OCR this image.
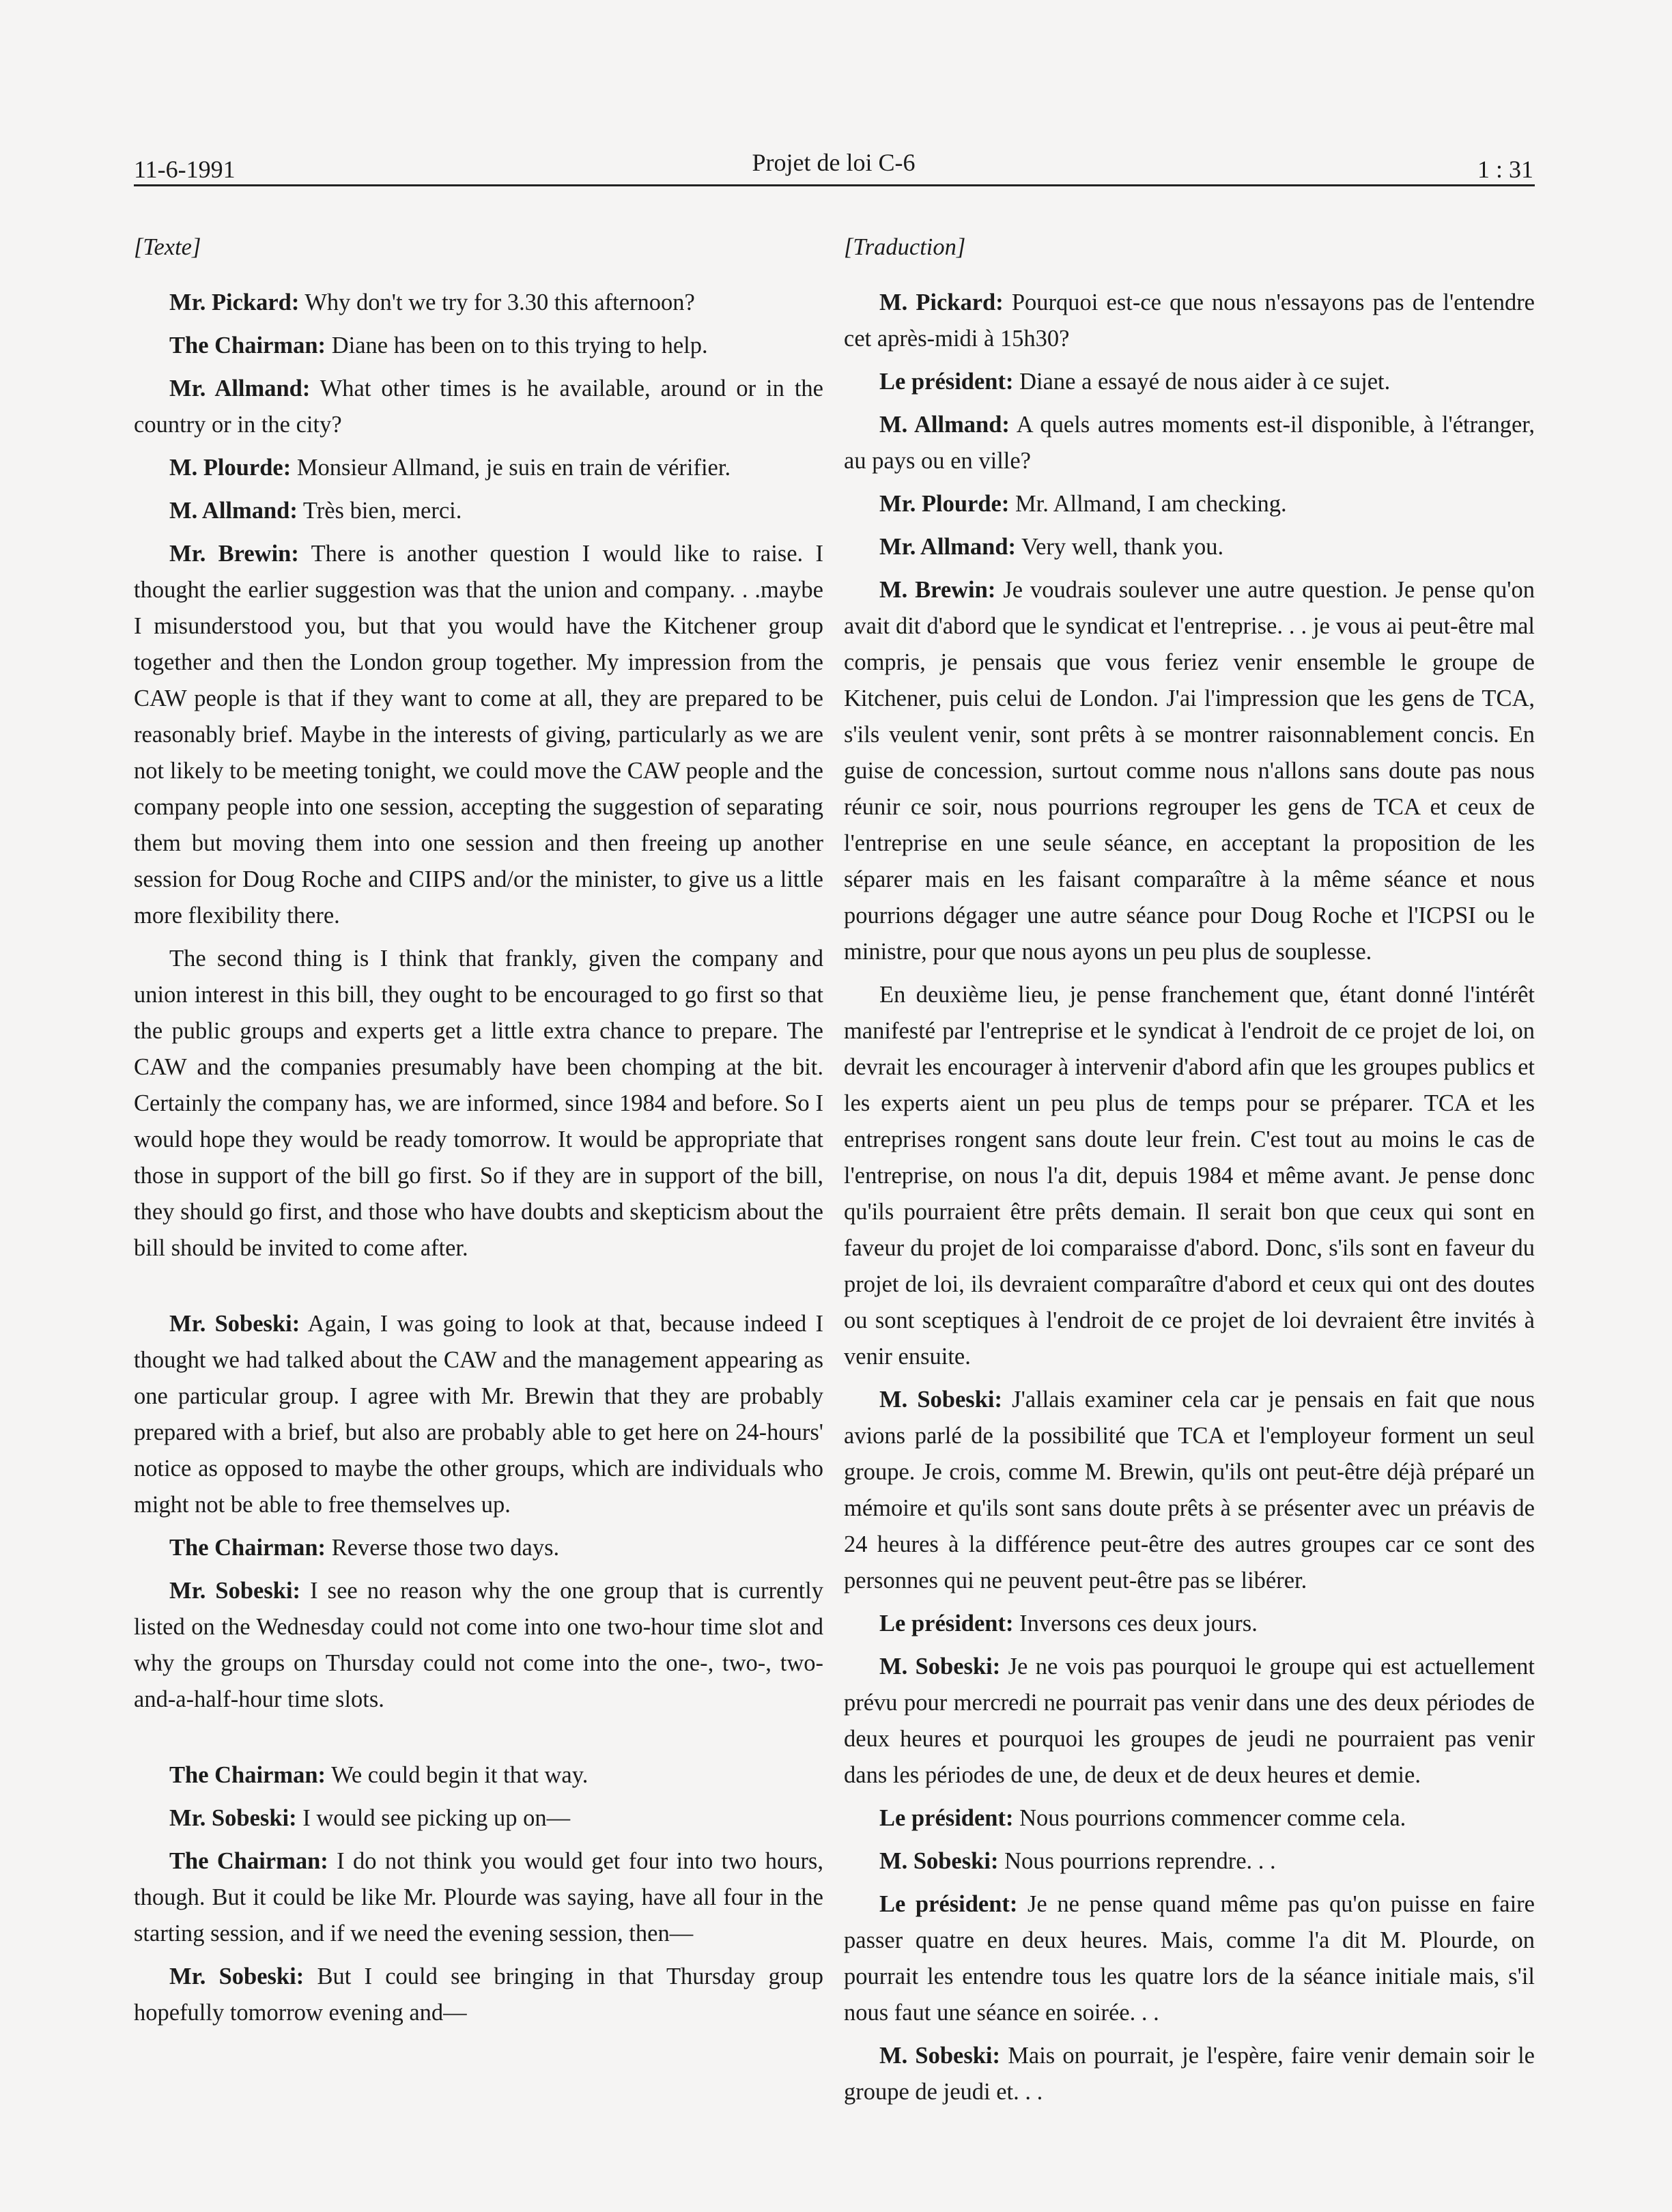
11-6-1991	Projet de loi C-6	1 : 31
[Texte]

Mr. Pickard: Why don't we try for 3.30 this afternoon?

The Chairman: Diane has been on to this trying to help.

Mr. Allmand: What other times is he available, around or in the country or in the city?

M. Plourde: Monsieur Allmand, je suis en train de vérifier.

M. Allmand: Très bien, merci.

Mr. Brewin: There is another question I would like to raise. I thought the earlier suggestion was that the union and company. . .maybe I misunderstood you, but that you would have the Kitchener group together and then the London group together. My impression from the CAW people is that if they want to come at all, they are prepared to be reasonably brief. Maybe in the interests of giving, particularly as we are not likely to be meeting tonight, we could move the CAW people and the company people into one session, accepting the suggestion of separating them but moving them into one session and then freeing up another session for Doug Roche and CIIPS and/or the minister, to give us a little more flexibility there.

The second thing is I think that frankly, given the company and union interest in this bill, they ought to be encouraged to go first so that the public groups and experts get a little extra chance to prepare. The CAW and the companies presumably have been chomping at the bit. Certainly the company has, we are informed, since 1984 and before. So I would hope they would be ready tomorrow. It would be appropriate that those in support of the bill go first. So if they are in support of the bill, they should go first, and those who have doubts and skepticism about the bill should be invited to come after.

Mr. Sobeski: Again, I was going to look at that, because indeed I thought we had talked about the CAW and the management appearing as one particular group. I agree with Mr. Brewin that they are probably prepared with a brief, but also are probably able to get here on 24-hours' notice as opposed to maybe the other groups, which are individuals who might not be able to free themselves up.

The Chairman: Reverse those two days.

Mr. Sobeski: I see no reason why the one group that is currently listed on the Wednesday could not come into one two-hour time slot and why the groups on Thursday could not come into the one-, two-, two-and-a-half-hour time slots.

The Chairman: We could begin it that way.

Mr. Sobeski: I would see picking up on—

The Chairman: I do not think you would get four into two hours, though. But it could be like Mr. Plourde was saying, have all four in the starting session, and if we need the evening session, then—

Mr. Sobeski: But I could see bringing in that Thursday group hopefully tomorrow evening and—

[Traduction]

M. Pickard: Pourquoi est-ce que nous n'essayons pas de l'entendre cet après-midi à 15h30?

Le président: Diane a essayé de nous aider à ce sujet.

M. Allmand: A quels autres moments est-il disponible, à l'étranger, au pays ou en ville?

Mr. Plourde: Mr. Allmand, I am checking.

Mr. Allmand: Very well, thank you.

M. Brewin: Je voudrais soulever une autre question. Je pense qu'on avait dit d'abord que le syndicat et l'entreprise. . . je vous ai peut-être mal compris, je pensais que vous feriez venir ensemble le groupe de Kitchener, puis celui de London. J'ai l'impression que les gens de TCA, s'ils veulent venir, sont prêts à se montrer raisonnablement concis. En guise de concession, surtout comme nous n'allons sans doute pas nous réunir ce soir, nous pourrions regrouper les gens de TCA et ceux de l'entreprise en une seule séance, en acceptant la proposition de les séparer mais en les faisant comparaître à la même séance et nous pourrions dégager une autre séance pour Doug Roche et l'ICPSI ou le ministre, pour que nous ayons un peu plus de souplesse.

En deuxième lieu, je pense franchement que, étant donné l'intérêt manifesté par l'entreprise et le syndicat à l'endroit de ce projet de loi, on devrait les encourager à intervenir d'abord afin que les groupes publics et les experts aient un peu plus de temps pour se préparer. TCA et les entreprises rongent sans doute leur frein. C'est tout au moins le cas de l'entreprise, on nous l'a dit, depuis 1984 et même avant. Je pense donc qu'ils pourraient être prêts demain. Il serait bon que ceux qui sont en faveur du projet de loi comparaisse d'abord. Donc, s'ils sont en faveur du projet de loi, ils devraient comparaître d'abord et ceux qui ont des doutes ou sont sceptiques à l'endroit de ce projet de loi devraient être invités à venir ensuite.

M. Sobeski: J'allais examiner cela car je pensais en fait que nous avions parlé de la possibilité que TCA et l'employeur forment un seul groupe. Je crois, comme M. Brewin, qu'ils ont peut-être déjà préparé un mémoire et qu'ils sont sans doute prêts à se présenter avec un préavis de 24 heures à la différence peut-être des autres groupes car ce sont des personnes qui ne peuvent peut-être pas se libérer.

Le président: Inversons ces deux jours.

M. Sobeski: Je ne vois pas pourquoi le groupe qui est actuellement prévu pour mercredi ne pourrait pas venir dans une des deux périodes de deux heures et pourquoi les groupes de jeudi ne pourraient pas venir dans les périodes de une, de deux et de deux heures et demie.

Le président: Nous pourrions commencer comme cela.

M. Sobeski: Nous pourrions reprendre. . .

Le président: Je ne pense quand même pas qu'on puisse en faire passer quatre en deux heures. Mais, comme l'a dit M. Plourde, on pourrait les entendre tous les quatre lors de la séance initiale mais, s'il nous faut une séance en soirée. . .

M. Sobeski: Mais on pourrait, je l'espère, faire venir demain soir le groupe de jeudi et. . .
